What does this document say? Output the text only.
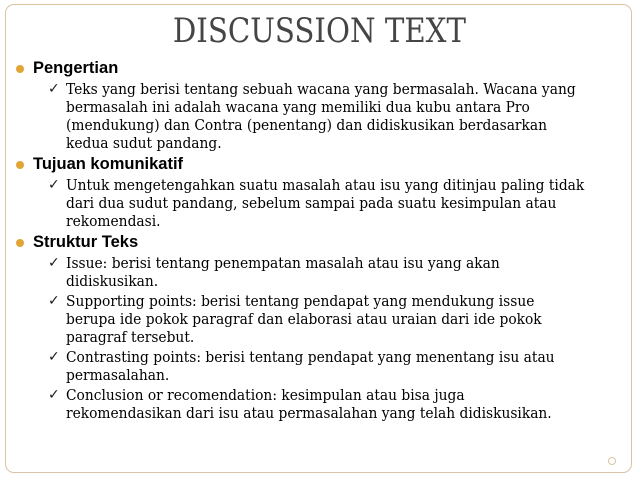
DISCUSSION TEXT
Pengertian
✓ Teks yang berisi tentang sebuah wacana yang bermasalah. Wacana yang
bermasalah ini adalah wacana yang memiliki dua kubu antara Pro
(mendukung) dan Contra (penentang) dan didiskusikan berdasarkan
kedua sudut pandang.
Tujuan komunikatif
✓ Untuk mengetengahkan suatu masalah atau isu yang ditinjau paling tidak
dari dua sudut pandang, sebelum sampai pada suatu kesimpulan atau
rekomendasi.
Struktur Teks
✓ Issue: berisi tentang penempatan masalah atau isu yang akan
didiskusikan.
✓ Supporting points: berisi tentang pendapat yang mendukung issue
berupa ide pokok paragraf dan elaborasi atau uraian dari ide pokok
paragraf tersebut.
✓ Contrasting points: berisi tentang pendapat yang menentang isu atau
permasalahan.
✓ Conclusion or recomendation: kesimpulan atau bisa juga
rekomendasikan dari isu atau permasalahan yang telah didiskusikan.
